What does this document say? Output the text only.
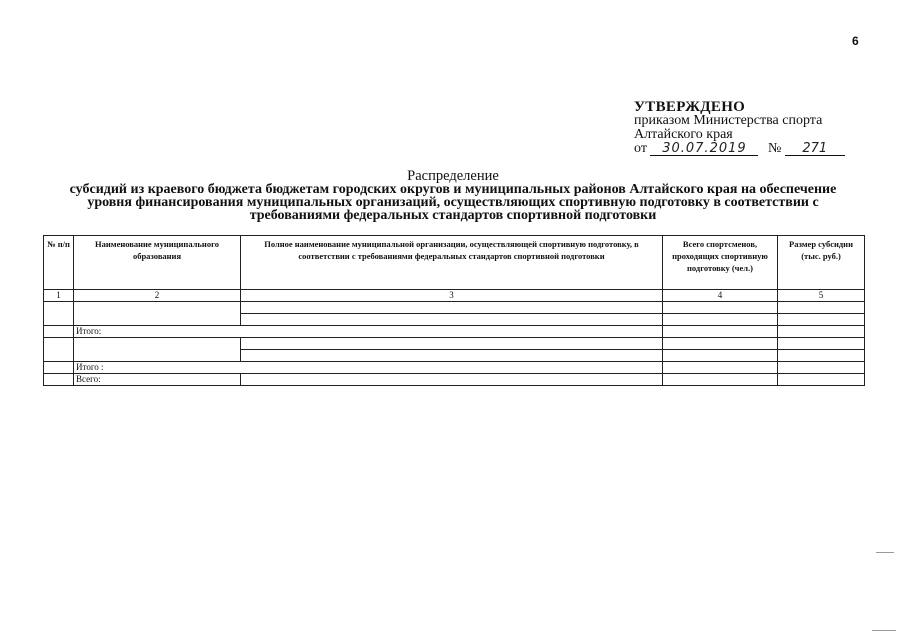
6
УТВЕРЖДЕНО
приказом Министерства спорта
Алтайского края
от 30.07.2019 № 271
Распределение
субсидий из краевого бюджета бюджетам городских округов и муниципальных районов Алтайского края на обеспечение
уровня финансирования муниципальных организаций, осуществляющих спортивную подготовку в соответствии с
требованиями федеральных стандартов спортивной подготовки
№ п/п	Наименование муниципального образования	Полное наименование муниципальной организации, осуществляющей спортивную подготовку, в соответствии с требованиями федеральных стандартов спортивной подготовки	Всего спортсменов, проходящих спортивную подготовку (чел.)	Размер субсидии (тыс. руб.)
1	2	3	4	5

	Итого:			

	Итого :			
	Всего:			
